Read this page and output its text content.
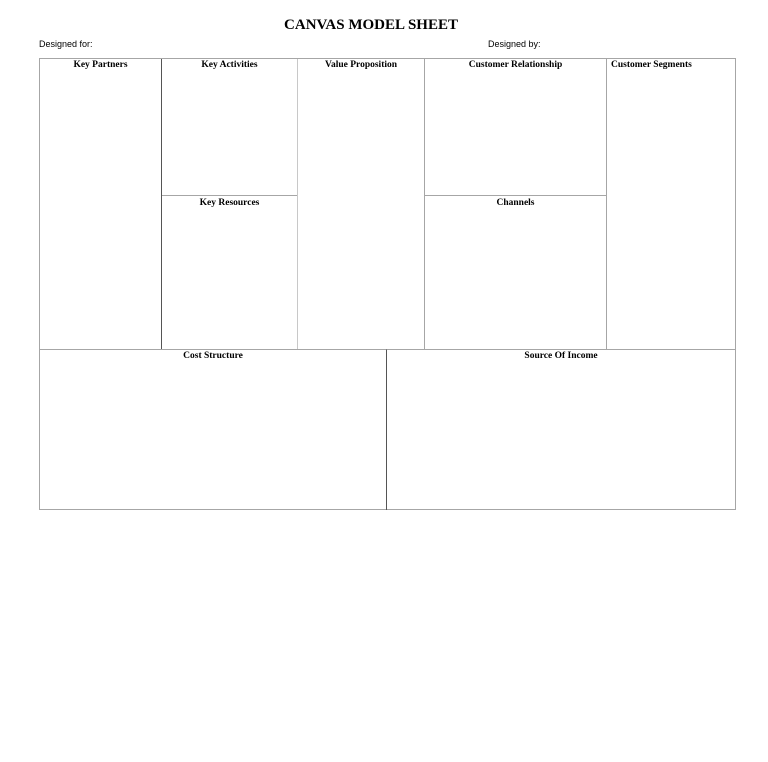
CANVAS MODEL SHEET
Designed for:	Designed by:
Key Partners	Key Activities
Key Resources
Value Proposition	Customer Relationship
Channels
Customer Segments
Cost Structure	Source Of Income
